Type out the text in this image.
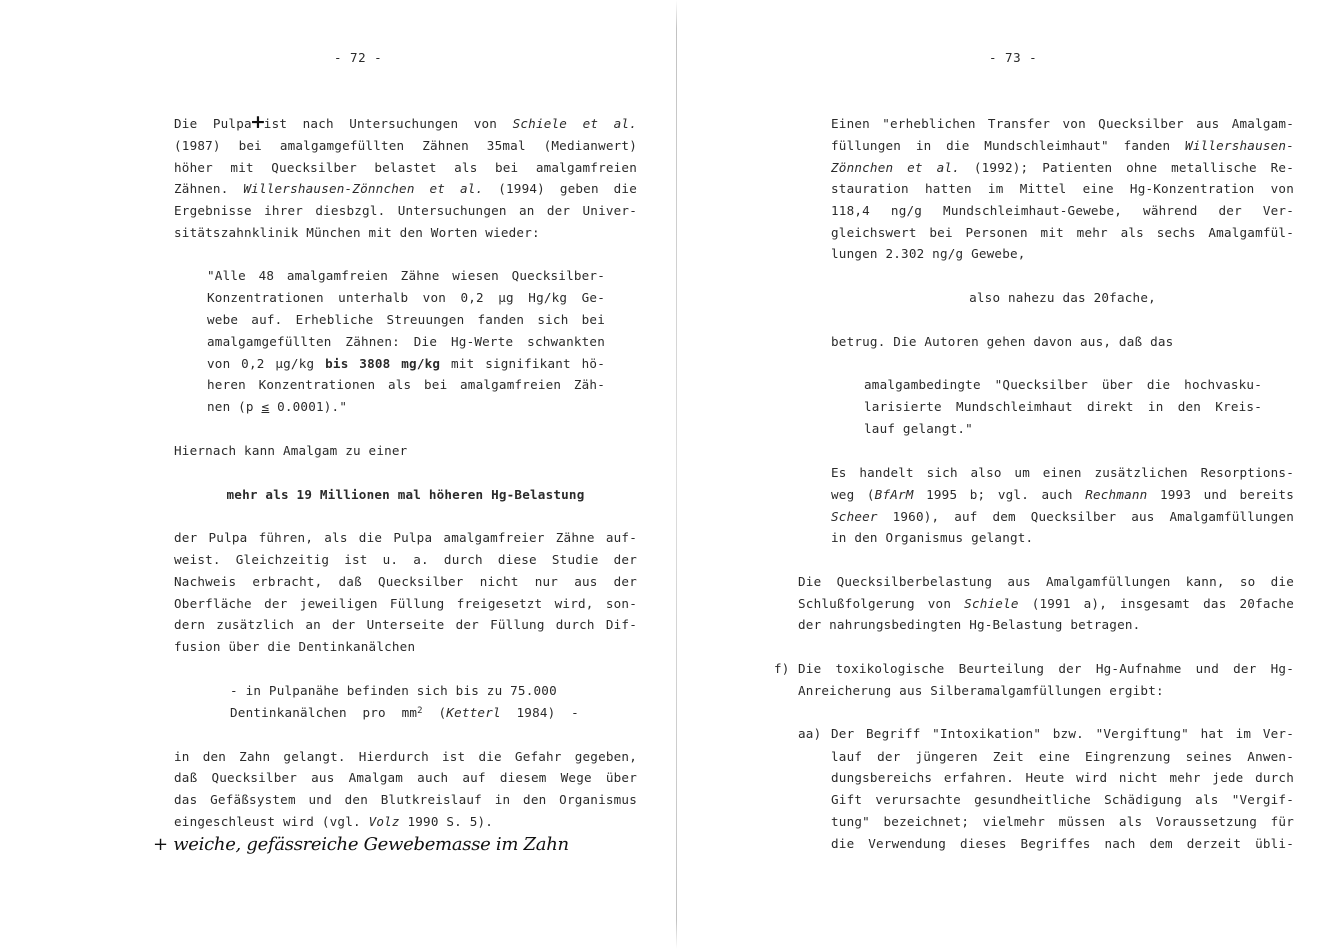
- 72 -
+

Die Pulpa ist nach Untersuchungen von Schiele et al.

(1987) bei amalgamgefüllten Zähnen 35mal (Medianwert)

höher mit Quecksilber belastet als bei amalgamfreien

Zähnen. Willershausen-Zönnchen et al. (1994) geben die

Ergebnisse ihrer diesbzgl. Untersuchungen an der Univer-

sitätszahnklinik München mit den Worten wieder:

"Alle 48 amalgamfreien Zähne wiesen Quecksilber-

Konzentrationen unterhalb von 0,2 µg Hg/kg Ge-

webe auf. Erhebliche Streuungen fanden sich bei

amalgamgefüllten Zähnen: Die Hg-Werte schwankten

von 0,2 µg/kg bis 3808 mg/kg mit signifikant hö-

heren Konzentrationen als bei amalgamfreien Zäh-

nen (p ≤ 0.0001)."

Hiernach kann Amalgam zu einer

mehr als 19 Millionen mal höheren Hg-Belastung

der Pulpa führen, als die Pulpa amalgamfreier Zähne auf-

weist. Gleichzeitig ist u. a. durch diese Studie der

Nachweis erbracht, daß Quecksilber nicht nur aus der

Oberfläche der jeweiligen Füllung freigesetzt wird, son-

dern zusätzlich an der Unterseite der Füllung durch Dif-

fusion über die Dentinkanälchen

- in Pulpanähe befinden sich bis zu 75.000

Dentinkanälchen pro $mm^2$ (Ketterl 1984) -

in den Zahn gelangt. Hierdurch ist die Gefahr gegeben,

daß Quecksilber aus Amalgam auch auf diesem Wege über

das Gefäßsystem und den Blutkreislauf in den Organismus

eingeschleust wird (vgl. Volz 1990 S. 5).

+ weiche, gefässreiche Gewebemasse im Zahn
- 73 -

Einen "erheblichen Transfer von Quecksilber aus Amalgam-

füllungen in die Mundschleimhaut" fanden Willershausen-

Zönnchen et al. (1992); Patienten ohne metallische Re-

stauration hatten im Mittel eine Hg-Konzentration von

118,4 ng/g Mundschleimhaut-Gewebe, während der Ver-

gleichswert bei Personen mit mehr als sechs Amalgamfül-

lungen 2.302 ng/g Gewebe,

also nahezu das 20fache,

betrug. Die Autoren gehen davon aus, daß das

amalgambedingte "Quecksilber über die hochvasku-

larisierte Mundschleimhaut direkt in den Kreis-

lauf gelangt."

Es handelt sich also um einen zusätzlichen Resorptions-

weg (BfArM 1995 b; vgl. auch Rechmann 1993 und bereits

Scheer 1960), auf dem Quecksilber aus Amalgamfüllungen

in den Organismus gelangt.

Die Quecksilberbelastung aus Amalgamfüllungen kann, so die

Schlußfolgerung von Schiele (1991 a), insgesamt das 20fache

der nahrungsbedingten Hg-Belastung betragen.

f) Die toxikologische Beurteilung der Hg-Aufnahme und der Hg-

Anreicherung aus Silberamalgamfüllungen ergibt:

aa) Der Begriff "Intoxikation" bzw. "Vergiftung" hat im Ver-

lauf der jüngeren Zeit eine Eingrenzung seines Anwen-

dungsbereichs erfahren. Heute wird nicht mehr jede durch

Gift verursachte gesundheitliche Schädigung als "Vergif-

tung" bezeichnet; vielmehr müssen als Voraussetzung für

die Verwendung dieses Begriffes nach dem derzeit übli-
